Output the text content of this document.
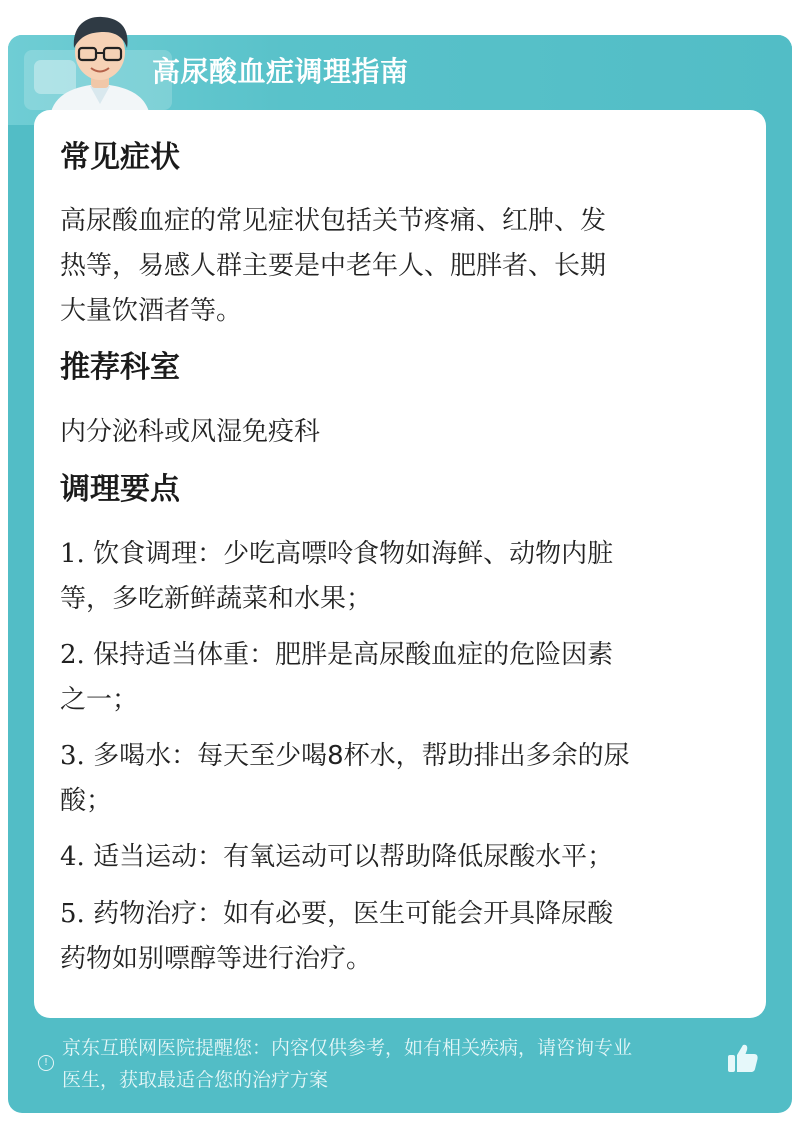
高尿酸血症调理指南
常见症状
高尿酸血症的常见症状包括关节疼痛、红肿、发
热等，易感人群主要是中老年人、肥胖者、长期
大量饮酒者等。
推荐科室
内分泌科或风湿免疫科
调理要点
1. 饮食调理：少吃高嘌呤食物如海鲜、动物内脏
等，多吃新鲜蔬菜和水果；
2. 保持适当体重：肥胖是高尿酸血症的危险因素
之一；
3. 多喝水：每天至少喝8杯水，帮助排出多余的尿
酸；
4. 适当运动：有氧运动可以帮助降低尿酸水平；
5. 药物治疗：如有必要，医生可能会开具降尿酸
药物如别嘌醇等进行治疗。
!
京东互联网医院提醒您：内容仅供参考，如有相关疾病，请咨询专业
医生，获取最适合您的治疗方案
